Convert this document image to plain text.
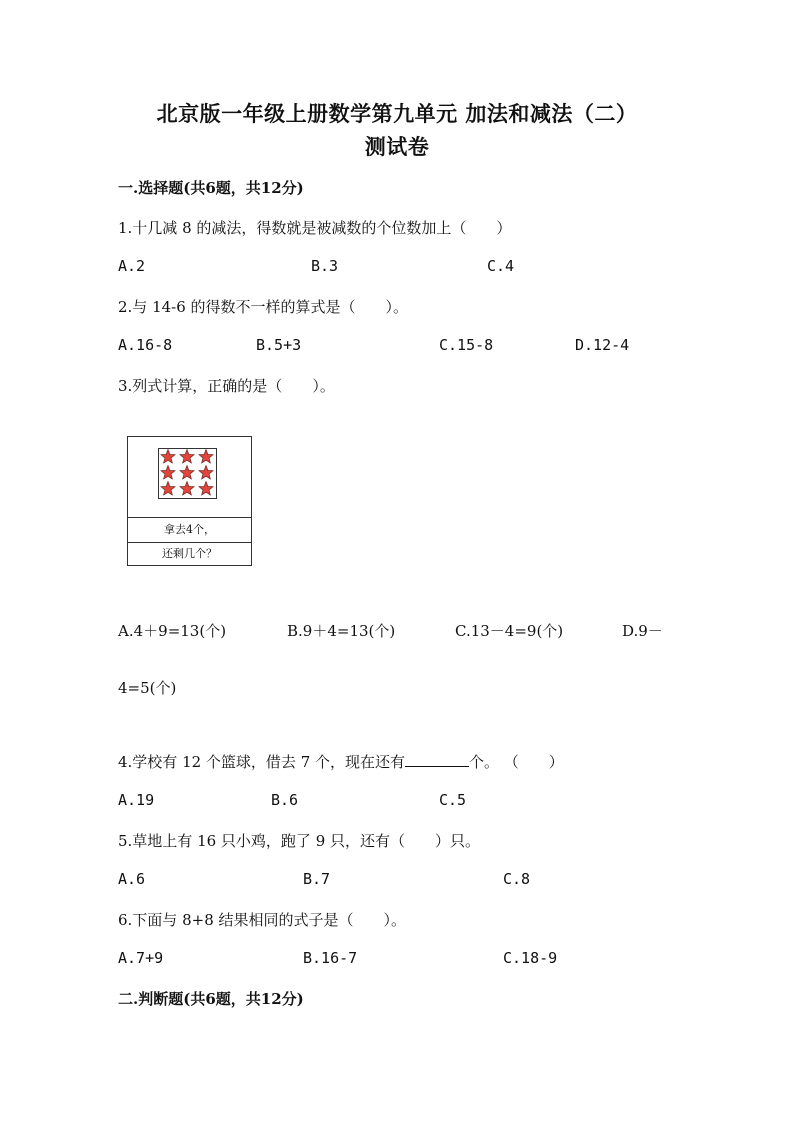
北京版一年级上册数学第九单元 加法和减法（二）
测试卷
一.选择题(共6题，共12分)
1.十几减 8 的减法，得数就是被减数的个位数加上（　　）
A.2	B.3	C.4
2.与 14-6 的得数不一样的算式是（　　）。
A.16-8	B.5+3	C.15-8	D.12-4
3.列式计算，正确的是（　　）。
拿去4个，
还剩几个？
A.4＋9=13(个)	B.9＋4=13(个)	C.13－4=9(个)	D.9－
4=5(个)
4.学校有 12 个篮球，借去 7 个，现在还有	个。 （　　）
A.19	B.6	C.5
5.草地上有 16 只小鸡，跑了 9 只，还有（　　）只。
A.6	B.7	C.8
6.下面与 8+8 结果相同的式子是（　　）。
A.7+9	B.16-7	C.18-9
二.判断题(共6题，共12分)
